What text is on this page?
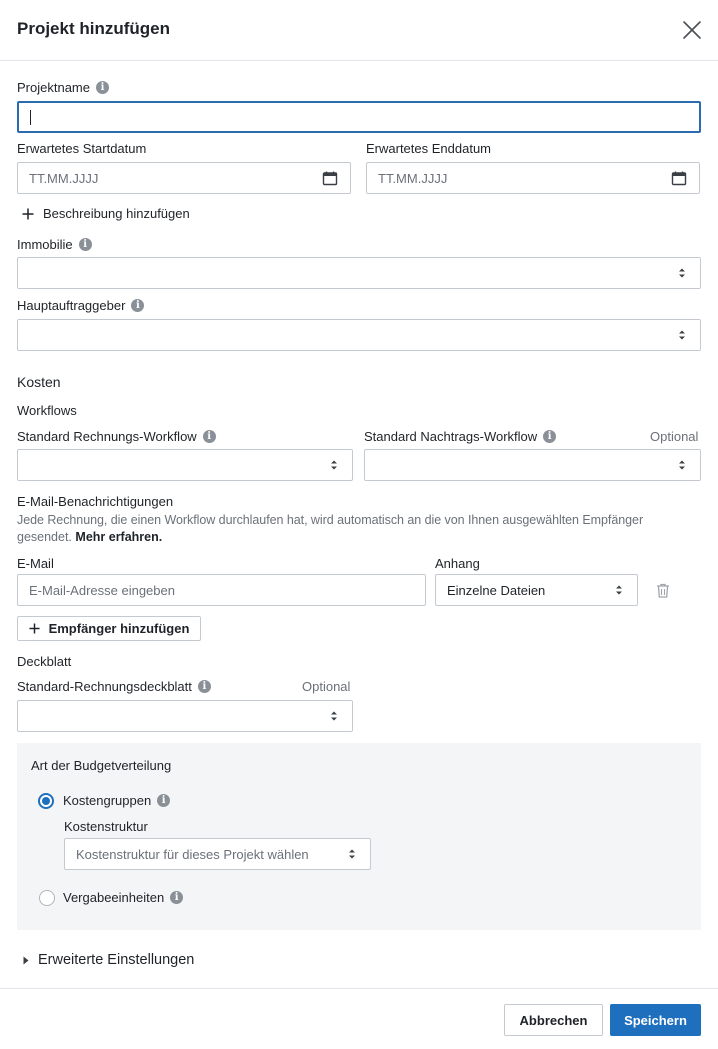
Projekt hinzufügen
Projektname	i
Erwartetes Startdatum
TT.MM.JJJJ
Erwartetes Enddatum
TT.MM.JJJJ
Beschreibung hinzufügen
Immobilie	i
Hauptauftraggeber	i
Kosten
Workflows
Standard Rechnungs-Workflow	i	Standard Nachtrags-Workflow	i	Optional
E-Mail-Benachrichtigungen
Jede Rechnung, die einen Workflow durchlaufen hat, wird automatisch an die von Ihnen ausgewählten Empfänger
gesendet. Mehr erfahren.
E-Mail
E-Mail-Adresse eingeben
Anhang
Einzelne Dateien
Empfänger hinzufügen
Deckblatt
Standard-Rechnungsdeckblatt	i	Optional
Art der Budgetverteilung
Kostengruppen	i
Kostenstruktur
Kostenstruktur für dieses Projekt wählen
Vergabeeinheiten	i
Erweiterte Einstellungen
Abbrechen	Speichern
